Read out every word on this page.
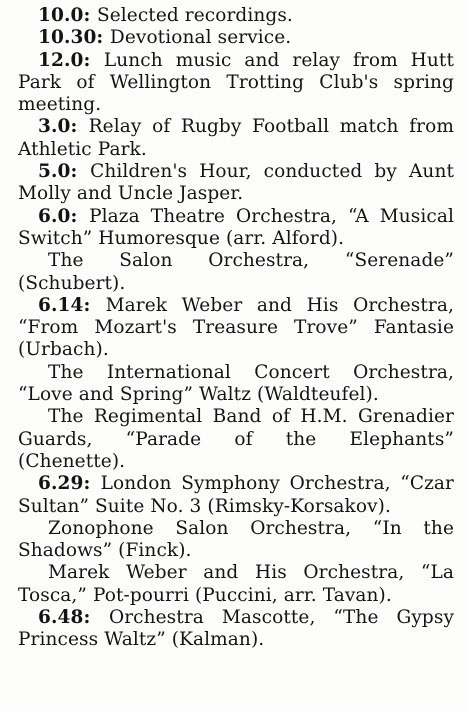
10.0: Selected recordings.

10.30: Devotional service.

12.0: Lunch music and relay from Hutt Park of Wellington Trotting Club's spring meeting.

3.0: Relay of Rugby Football match from Athletic Park.

5.0: Children's Hour, conducted by Aunt Molly and Uncle Jasper.

6.0: Plaza Theatre Orchestra, “A Musical Switch” Humoresque (arr. Alford).

The Salon Orchestra, “Serenade” (Schubert).

6.14: Marek Weber and His Orchestra, “From Mozart's Treasure Trove” Fantasie (Urbach).

The International Concert Orchestra, “Love and Spring” Waltz (Waldteufel).

The Regimental Band of H.M. Grenadier Guards, “Parade of the Elephants” (Chenette).

6.29: London Symphony Orchestra, “Czar Sultan” Suite No. 3 (Rimsky-Korsakov).

Zonophone Salon Orchestra, “In the Shadows” (Finck).

Marek Weber and His Orchestra, “La Tosca,” Pot-pourri (Puccini, arr. Tavan).

6.48: Orchestra Mascotte, “The Gypsy Princess Waltz” (Kalman).
